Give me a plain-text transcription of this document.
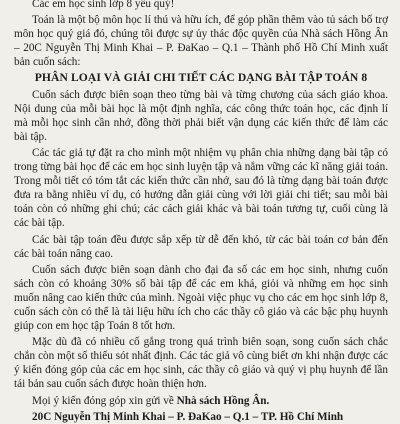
Các em học sinh lớp 8 yêu quý!

Toán là một bộ môn học lí thú và hữu ích, để góp phần thêm vào tủ sách bổ trợ môn học quý giá đó, chúng tôi được sự ủy thác độc quyền của Nhà sách Hồng Ân – 20C Nguyễn Thị Minh Khai – P. ĐaKao – Q.1 – Thành phố Hồ Chí Minh xuất bản cuốn sách:

PHÂN LOẠI VÀ GIẢI CHI TIẾT CÁC DẠNG BÀI TẬP TOÁN 8

Cuốn sách được biên soạn theo từng bài và từng chương của sách giáo khoa. Nội dung của mỗi bài học là một định nghĩa, các công thức toán học, các định lí mà mỗi học sinh cần nhớ, đồng thời phải biết vận dụng các kiến thức để làm các bài tập.

Các tác giả tự đặt ra cho mình một nhiệm vụ phân chia những dạng bài tập có trong từng bài học để các em học sinh luyện tập và nắm vững các kĩ năng giải toán. Trong mỗi tiết có tóm tắt các kiến thức cần nhớ, sau đó là từng dạng bài toán được đưa ra bằng nhiều ví dụ, có hướng dẫn giải cùng với lời giải chi tiết; sau mỗi bài toán còn có những ghi chú; các cách giải khác và bài toán tương tự, cuối cùng là các bài tập.

Các bài tập toán đều được sắp xếp từ dễ đến khó, từ các bài toán cơ bản đến các bài toán nâng cao.

Cuốn sách được biên soạn dành cho đại đa số các em học sinh, nhưng cuốn sách còn có khoảng 30% số bài tập để các em khá, giỏi và những em học sinh muốn nâng cao kiến thức của mình. Ngoài việc phục vụ cho các em học sinh lớp 8, cuốn sách còn có thể là tài liệu hữu ích cho các thầy cô giáo và các bậc phụ huynh giúp con em học tập Toán 8 tốt hơn.

Mặc dù đã có nhiều cố gắng trong quá trình biên soạn, song cuốn sách chắc chắn còn một số thiếu sót nhất định. Các tác giả vô cùng biết ơn khi nhận được các ý kiến đóng góp của các em học sinh, các thầy cô giáo và quý vị phụ huynh để lần tái bản sau cuốn sách được hoàn thiện hơn.

Mọi ý kiến đóng góp xin gửi về Nhà sách Hồng Ân.

20C Nguyễn Thị Minh Khai – P. ĐaKao – Q.1 – TP. Hồ Chí Minh
